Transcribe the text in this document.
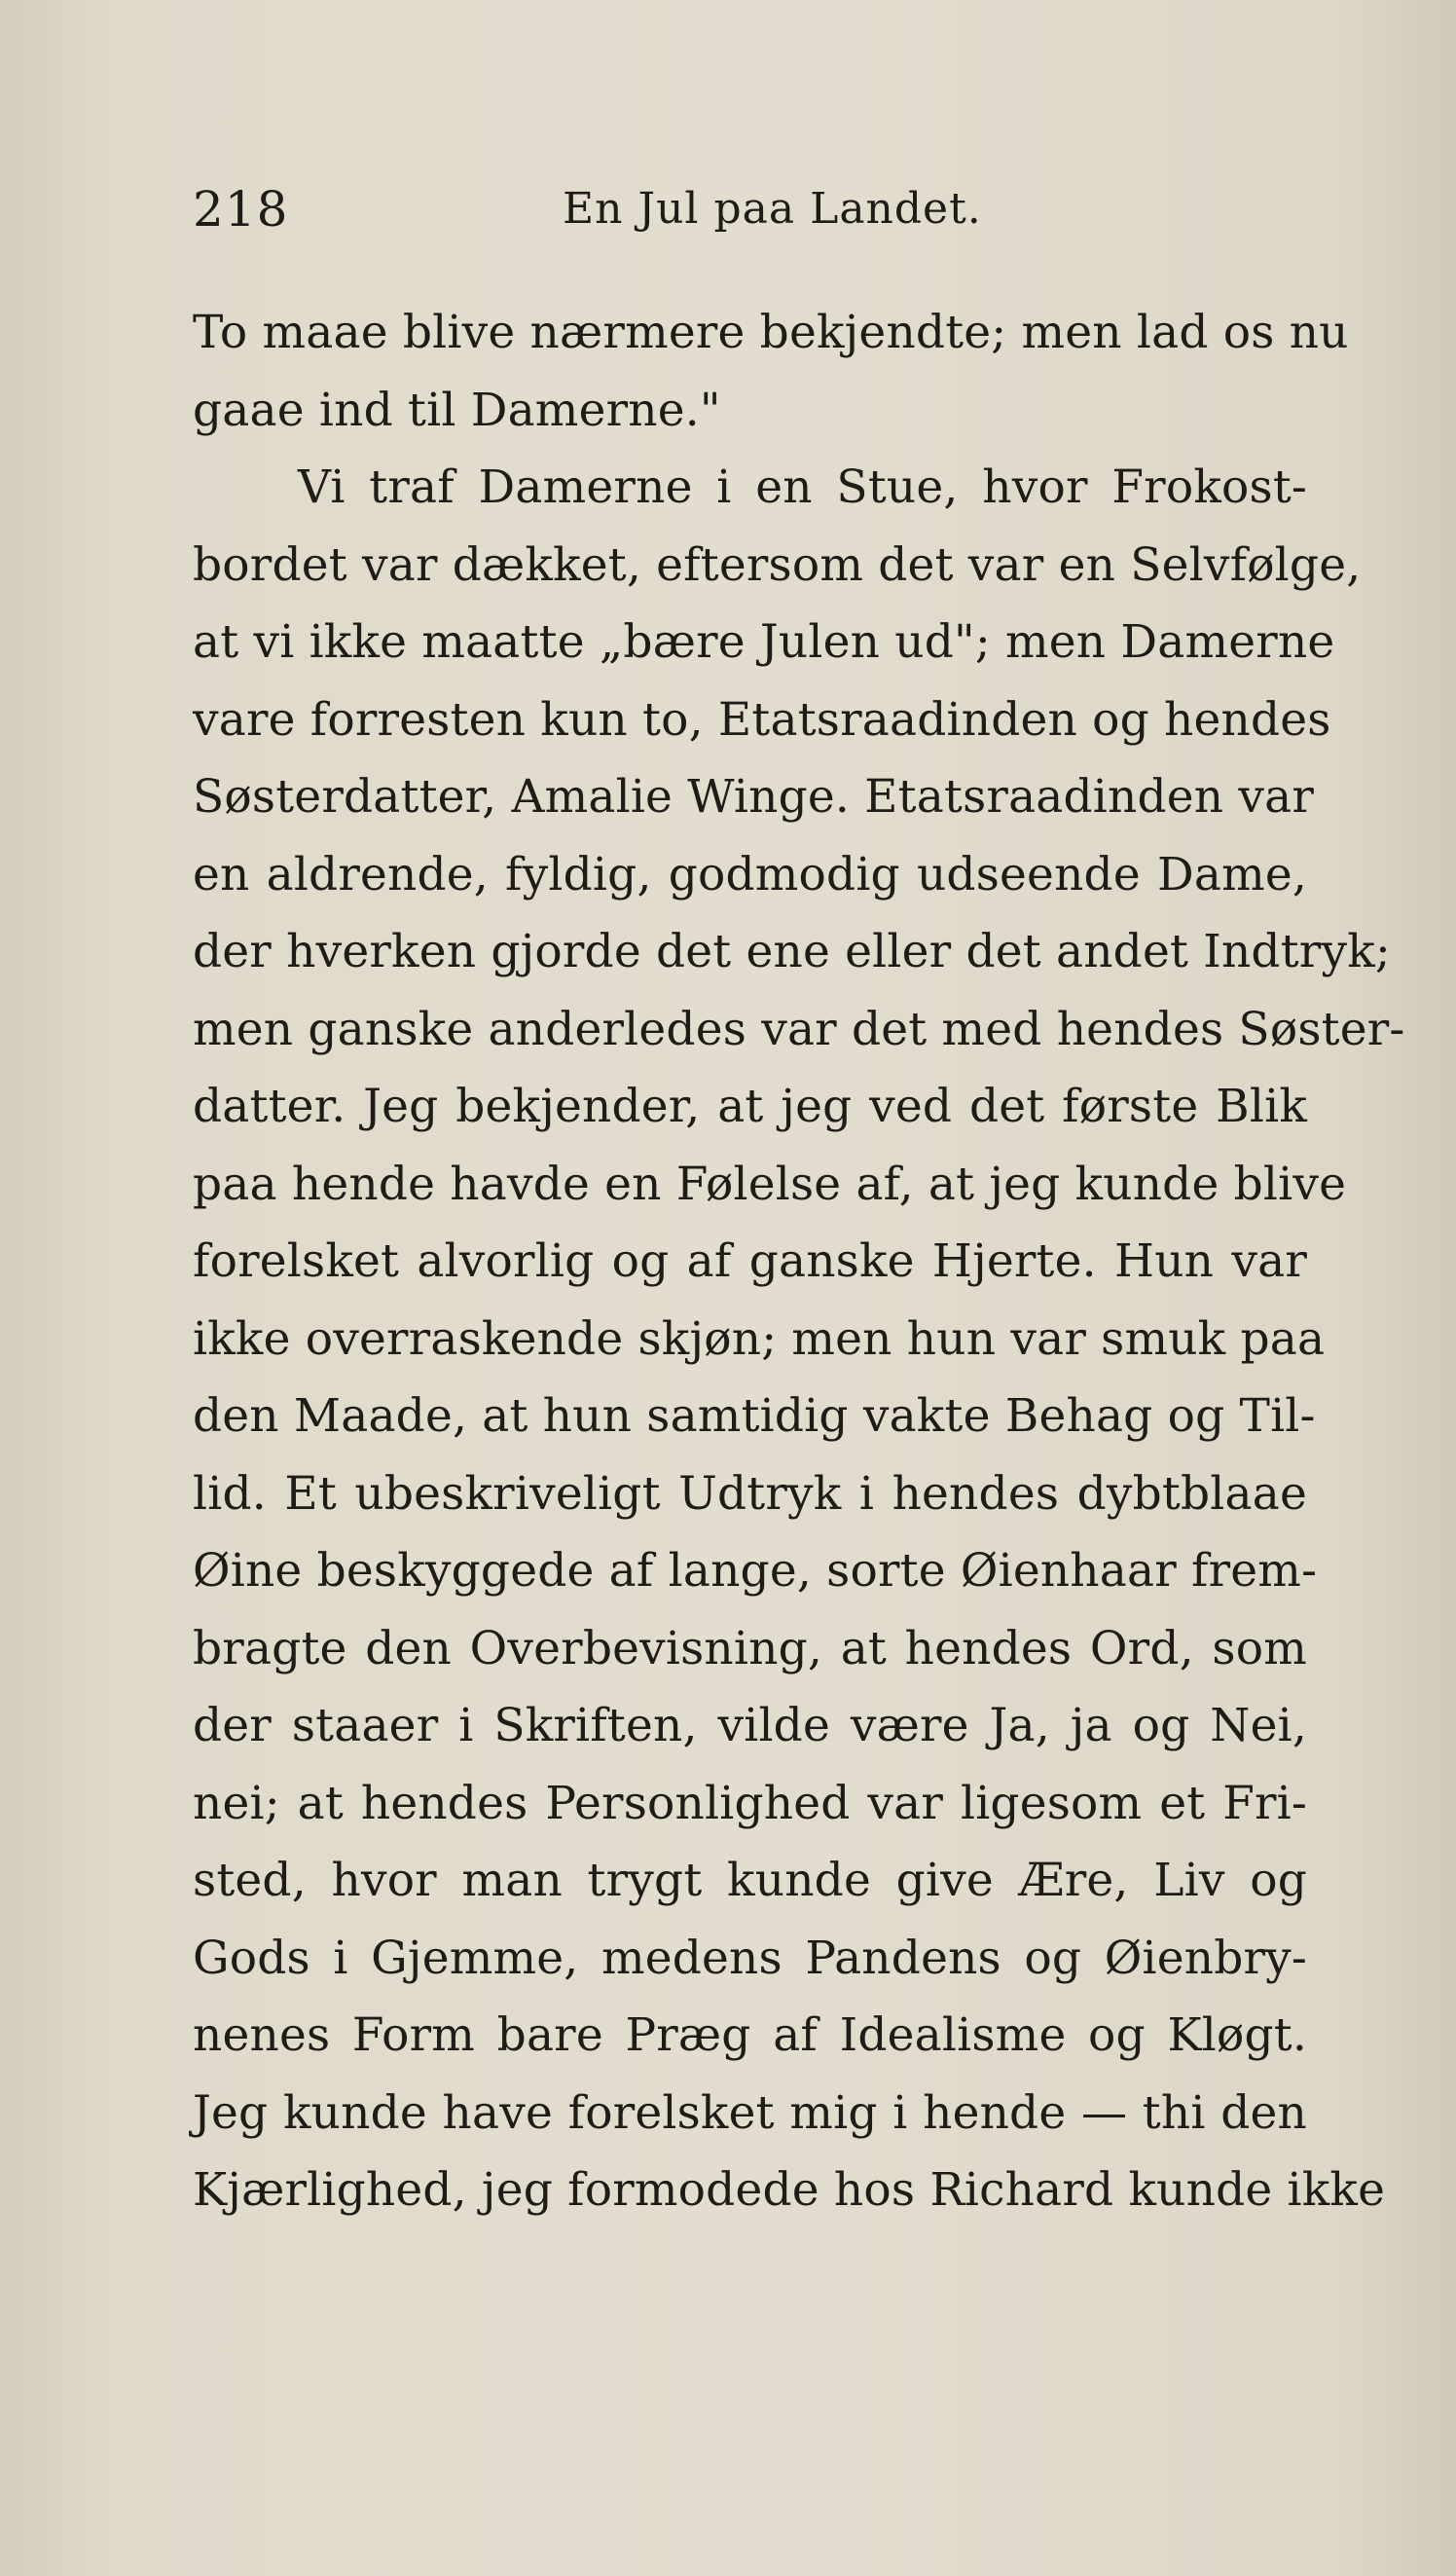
218	En Jul paa Landet.
To maae blive nærmere bekjendte; men lad os nu
gaae ind til Damerne."
Vi traf Damerne i en Stue, hvor Frokost-
bordet var dækket, eftersom det var en Selvfølge,
at vi ikke maatte „bære Julen ud"; men Damerne
vare forresten kun to, Etatsraadinden og hendes
Søsterdatter, Amalie Winge. Etatsraadinden var
en aldrende, fyldig, godmodig udseende Dame,
der hverken gjorde det ene eller det andet Indtryk;
men ganske anderledes var det med hendes Søster-
datter. Jeg bekjender, at jeg ved det første Blik
paa hende havde en Følelse af, at jeg kunde blive
forelsket alvorlig og af ganske Hjerte. Hun var
ikke overraskende skjøn; men hun var smuk paa
den Maade, at hun samtidig vakte Behag og Til-
lid. Et ubeskriveligt Udtryk i hendes dybtblaae
Øine beskyggede af lange, sorte Øienhaar frem-
bragte den Overbevisning, at hendes Ord, som
der staaer i Skriften, vilde være Ja, ja og Nei,
nei; at hendes Personlighed var ligesom et Fri-
sted, hvor man trygt kunde give Ære, Liv og
Gods i Gjemme, medens Pandens og Øienbry-
nenes Form bare Præg af Idealisme og Kløgt.
Jeg kunde have forelsket mig i hende — thi den
Kjærlighed, jeg formodede hos Richard kunde ikke
